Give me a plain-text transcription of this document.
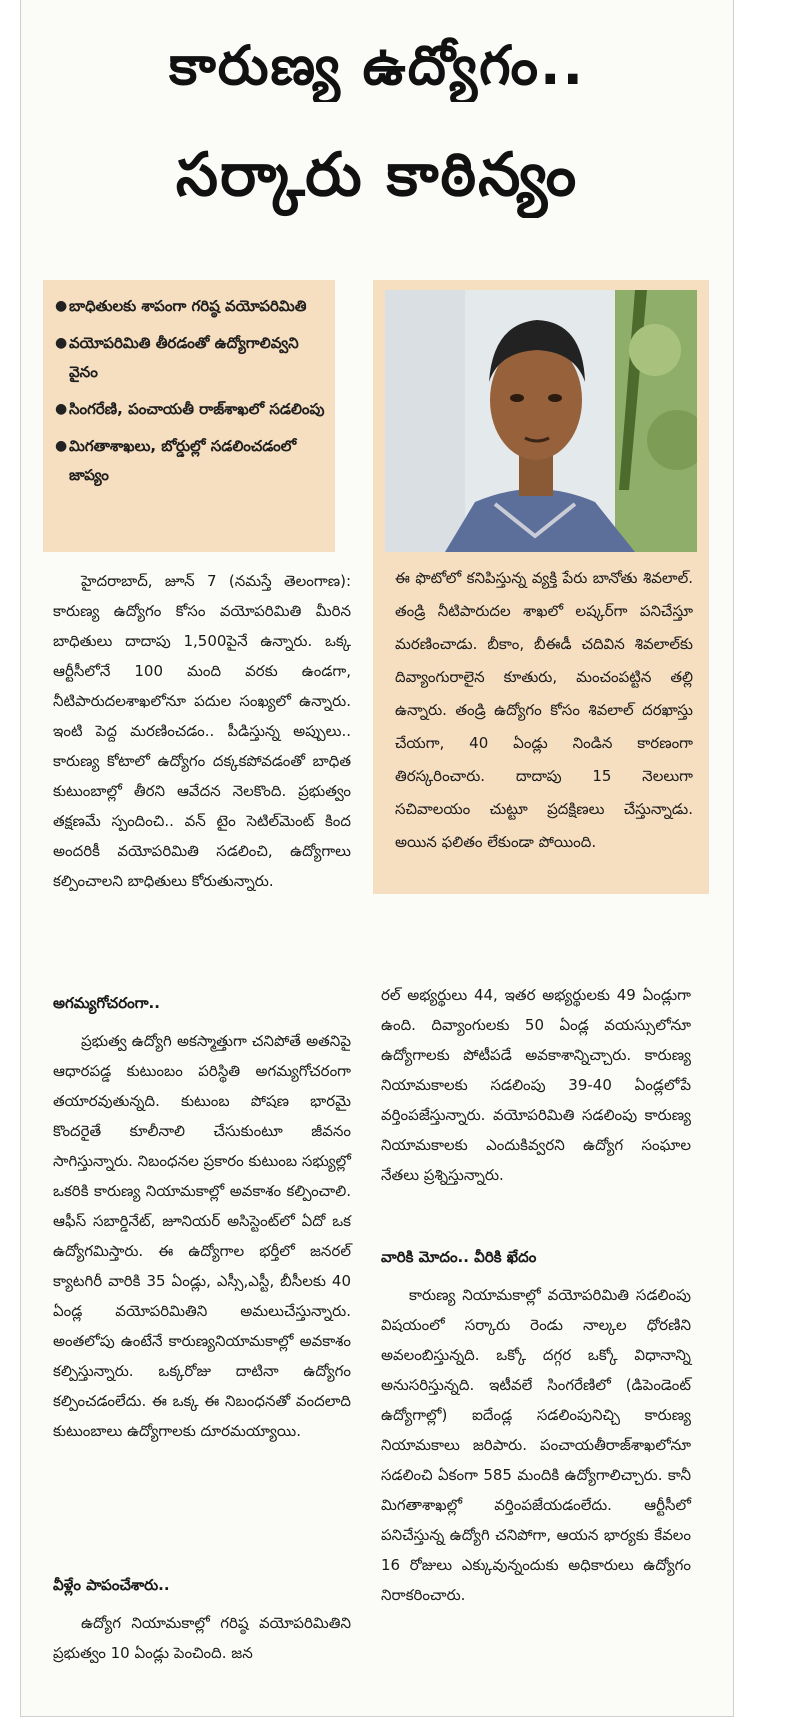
కారుణ్య ఉద్యోగం..
సర్కారు కాఠిన్యం
● బాధితులకు శాపంగా గరిష్ఠ వయోపరిమితి
● వయోపరిమితి తీరడంతో ఉద్యోగాలివ్వని వైనం
● సింగరేణి, పంచాయతీ రాజ్‌శాఖలో సడలింపు
● మిగతాశాఖలు, బోర్డుల్లో సడలించడంలో జాప్యం
ఈ ఫొటోలో కనిపిస్తున్న వ్యక్తి పేరు బానోతు శివలాల్. తండ్రి నీటిపారుదల శాఖలో లష్కర్‌గా పనిచేస్తూ మరణించాడు. బీకాం, బీఈడీ చదివిన శివలాల్‌కు దివ్యాంగురాలైన కూతురు, మంచంపట్టిన తల్లి ఉన్నారు. తండ్రి ఉద్యోగం కోసం శివలాల్ దరఖాస్తు చేయగా, 40 ఏండ్లు నిండిన కారణంగా తిరస్కరించారు. దాదాపు 15 నెలలుగా సచివాలయం చుట్టూ ప్రదక్షిణలు చేస్తున్నాడు. అయిన ఫలితం లేకుండా పోయింది.

హైదరాబాద్, జూన్ 7 (నమస్తే తెలంగాణ): కారుణ్య ఉద్యోగం కోసం వయోపరిమితి మీరిన బాధితులు దాదాపు 1,500పైనే ఉన్నారు. ఒక్క ఆర్టీసీలోనే 100 మంది వరకు ఉండగా, నీటిపారుదలశాఖలోనూ పదుల సంఖ్యలో ఉన్నారు. ఇంటి పెద్ద మరణించడం.. పీడిస్తున్న అప్పులు.. కారుణ్య కోటాలో ఉద్యోగం దక్కకపోవడంతో బాధిత కుటుంబాల్లో తీరని ఆవేదన నెలకొంది. ప్రభుత్వం తక్షణమే స్పందించి.. వన్ టైం సెటిల్‌మెంట్ కింద అందరికీ వయోపరిమితి సడలించి, ఉద్యోగాలు కల్పించాలని బాధితులు కోరుతున్నారు.

అగమ్యగోచరంగా..

ప్రభుత్వ ఉద్యోగి అకస్మాత్తుగా చనిపోతే అతనిపై ఆధారపడ్డ కుటుంబం పరిస్థితి అగమ్యగోచరంగా తయారవుతున్నది. కుటుంబ పోషణ భారమై కొందరైతే కూలీనాలి చేసుకుంటూ జీవనం సాగిస్తున్నారు. నిబంధనల ప్రకారం కుటుంబ సభ్యుల్లో ఒకరికి కారుణ్య నియామకాల్లో అవకాశం కల్పించాలి. ఆఫీస్ సబార్డినేట్, జూనియర్ అసిస్టెంట్‌లో ఏదో ఒక ఉద్యోగమిస్తారు. ఈ ఉద్యోగాల భర్తీలో జనరల్ క్యాటగిరీ వారికి 35 ఏండ్లు, ఎస్సీ,ఎస్టీ, బీసీలకు 40 ఏండ్ల వయోపరిమితిని అమలుచేస్తున్నారు. అంతలోపు ఉంటేనే కారుణ్యనియామకాల్లో అవకాశం కల్పిస్తున్నారు. ఒక్కరోజు దాటినా ఉద్యోగం కల్పించడంలేదు. ఈ ఒక్క ఈ నిబంధనతో వందలాది కుటుంబాలు ఉద్యోగాలకు దూరమయ్యాయి.

వీళ్లేం పాపంచేశారు..

ఉద్యోగ నియామకాల్లో గరిష్ఠ వయోపరిమితిని ప్రభుత్వం 10 ఏండ్లు పెంచింది. జన

రల్ అభ్యర్థులు 44, ఇతర అభ్యర్థులకు 49 ఏండ్లుగా ఉంది. దివ్యాంగులకు 50 ఏండ్ల వయస్సులోనూ ఉద్యోగాలకు పోటీపడే అవకాశాన్నిచ్చారు. కారుణ్య నియామకాలకు సడలింపు 39-40 ఏండ్లలోపే వర్తింపజేస్తున్నారు. వయోపరిమితి సడలింపు కారుణ్య నియామకాలకు ఎందుకివ్వరని ఉద్యోగ సంఘాల నేతలు ప్రశ్నిస్తున్నారు.

వారికి మోదం.. వీరికి ఖేదం

కారుణ్య నియామకాల్లో వయోపరిమితి సడలింపు విషయంలో సర్కారు రెండు నాల్కల ధోరణిని అవలంబిస్తున్నది. ఒక్కో దగ్గర ఒక్కో విధానాన్ని అనుసరిస్తున్నది. ఇటీవలే సింగరేణిలో (డిపెండెంట్ ఉద్యోగాల్లో) ఐదేండ్ల సడలింపునిచ్చి కారుణ్య నియామకాలు జరిపారు. పంచాయతీరాజ్‌శాఖలోనూ సడలించి ఏకంగా 585 మందికి ఉద్యోగాలిచ్చారు. కానీ మిగతాశాఖల్లో వర్తింపజేయడంలేదు. ఆర్టీసీలో పనిచేస్తున్న ఉద్యోగి చనిపోగా, ఆయన భార్యకు కేవలం 16 రోజులు ఎక్కువున్నందుకు అధికారులు ఉద్యోగం నిరాకరించారు.
